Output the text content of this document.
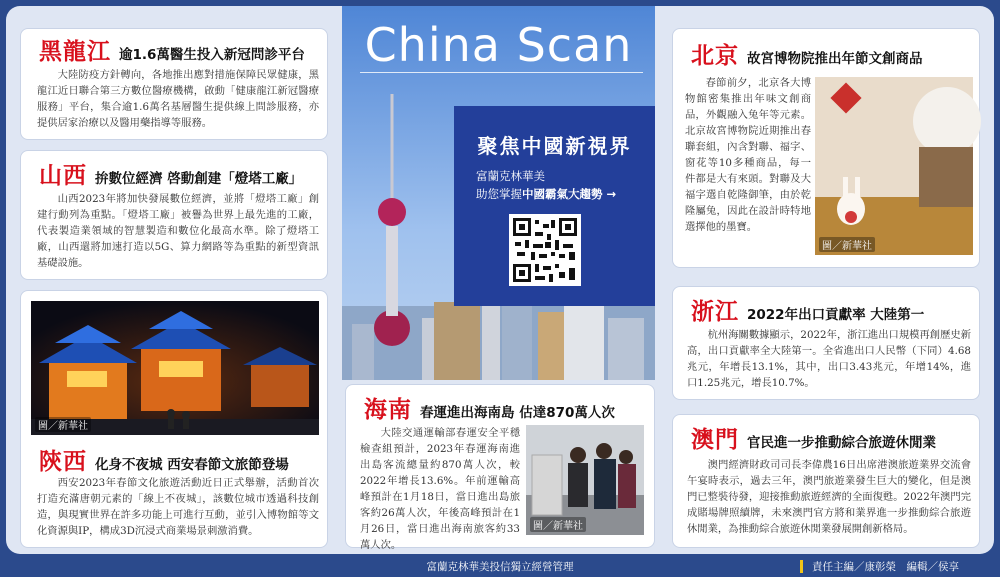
黑龍江 逾1.6萬醫生投入新冠問診平台
大陸防疫方針轉向，各地推出應對措施保障民眾健康，黑龍江近日聯合第三方數位醫療機構，啟動「健康龍江新冠醫療服務」平台，集合逾1.6萬名基層醫生提供線上問診服務，亦提供居家治療以及醫用藥指導等服務。
山西 拚數位經濟 啓動創建「燈塔工廠」
山西2023年將加快發展數位經濟，並將「燈塔工廠」創建行動列為重點。「燈塔工廠」被譽為世界上最先進的工廠，代表製造業領域的智慧製造和數位化最高水準。除了燈塔工廠，山西還將加速打造以5G、算力網路等為重點的新型資訊基礎設施。
圖／新華社
陝西 化身不夜城 西安春節文旅節登場
西安2023年春節文化旅遊活動近日正式舉辦，活動首次打造充滿唐朝元素的「線上不夜城」，該數位城市透過科技創造，與現實世界在許多功能上可進行互動，並引入博物館等文化資源與IP，構成3D沉浸式商業場景刺激消費。
China Scan
聚焦中國新視界
富蘭克林華美
助您掌握中國霸氣大趨勢 →
海南 春運進出海南島 估達870萬人次
大陸交通運輸部春運安全平穩檢查組預計，2023年春運海南進出島客流總量約870萬人次，較2022年增長13.6%。年前運輸高峰預計在1月18日，當日進出島旅客約26萬人次，年後高峰預計在1月26日，當日進出海南旅客約33萬人次。
圖／新華社
北京 故宮博物院推出年節文創商品
春節前夕，北京各大博物館密集推出年味文創商品，外觀融入兔年等元素。北京故宮博物院近期推出春聯套組，內含對聯、福字、窗花等10多種商品，每一件都是大有來頭。對聯及大福字選自乾隆御筆，由於乾隆屬兔，因此在設計時特地選擇他的墨寶。
圖／新華社
浙江 2022年出口貢獻率 大陸第一
杭州海關數據顯示，2022年，浙江進出口規模再創歷史新高，出口貢獻率全大陸第一。全省進出口人民幣（下同）4.68兆元，年增長13.1%，其中，出口3.43兆元，年增14%，進口1.25兆元，增長10.7%。
澳門 官民進一步推動綜合旅遊休閒業
澳門經濟財政司司長李偉農16日出席港澳旅遊業界交流會午宴時表示，過去三年，澳門旅遊業發生巨大的變化，但是澳門已整裝待發，迎接推動旅遊經濟的全面復甦。2022年澳門完成賭場牌照續牌，未來澳門官方將和業界進一步推動綜合旅遊休閒業，為推動綜合旅遊休閒業發展開創新格局。
富蘭克林華美投信獨立經營管理	責任主編／康彰榮　編輯／侯享
